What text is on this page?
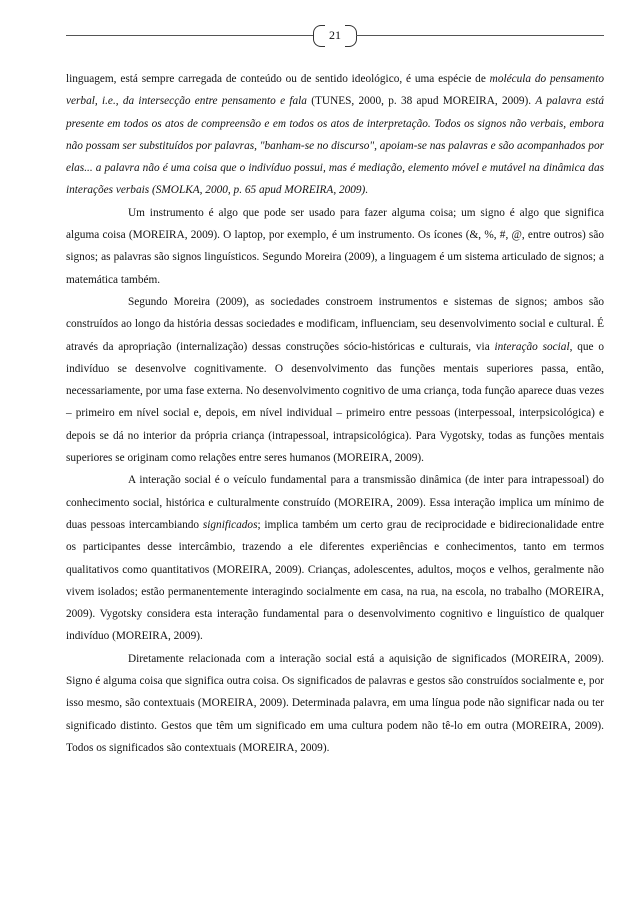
21

linguagem, está sempre carregada de conteúdo ou de sentido ideológico, é uma espécie de molécula do pensamento verbal, i.e., da intersecção entre pensamento e fala (TUNES, 2000, p. 38 apud MOREIRA, 2009). A palavra está presente em todos os atos de compreensão e em todos os atos de interpretação. Todos os signos não verbais, embora não possam ser substituídos por palavras, "banham-se no discurso", apoiam-se nas palavras e são acompanhados por elas... a palavra não é uma coisa que o indivíduo possui, mas é mediação, elemento móvel e mutável na dinâmica das interações verbais (SMOLKA, 2000, p. 65 apud MOREIRA, 2009).

Um instrumento é algo que pode ser usado para fazer alguma coisa; um signo é algo que significa alguma coisa (MOREIRA, 2009). O laptop, por exemplo, é um instrumento. Os ícones (&, %, #, @, entre outros) são signos; as palavras são signos linguísticos. Segundo Moreira (2009), a linguagem é um sistema articulado de signos; a matemática também.

Segundo Moreira (2009), as sociedades constroem instrumentos e sistemas de signos; ambos são construídos ao longo da história dessas sociedades e modificam, influenciam, seu desenvolvimento social e cultural. É através da apropriação (internalização) dessas construções sócio-históricas e culturais, via interação social, que o indivíduo se desenvolve cognitivamente. O desenvolvimento das funções mentais superiores passa, então, necessariamente, por uma fase externa. No desenvolvimento cognitivo de uma criança, toda função aparece duas vezes – primeiro em nível social e, depois, em nível individual – primeiro entre pessoas (interpessoal, interpsicológica) e depois se dá no interior da própria criança (intrapessoal, intrapsicológica). Para Vygotsky, todas as funções mentais superiores se originam como relações entre seres humanos (MOREIRA, 2009).

A interação social é o veículo fundamental para a transmissão dinâmica (de inter para intrapessoal) do conhecimento social, histórica e culturalmente construído (MOREIRA, 2009). Essa interação implica um mínimo de duas pessoas intercambiando significados; implica também um certo grau de reciprocidade e bidirecionalidade entre os participantes desse intercâmbio, trazendo a ele diferentes experiências e conhecimentos, tanto em termos qualitativos como quantitativos (MOREIRA, 2009). Crianças, adolescentes, adultos, moços e velhos, geralmente não vivem isolados; estão permanentemente interagindo socialmente em casa, na rua, na escola, no trabalho (MOREIRA, 2009). Vygotsky considera esta interação fundamental para o desenvolvimento cognitivo e linguístico de qualquer indivíduo (MOREIRA, 2009).

Diretamente relacionada com a interação social está a aquisição de significados (MOREIRA, 2009). Signo é alguma coisa que significa outra coisa. Os significados de palavras e gestos são construídos socialmente e, por isso mesmo, são contextuais (MOREIRA, 2009). Determinada palavra, em uma língua pode não significar nada ou ter significado distinto. Gestos que têm um significado em uma cultura podem não tê-lo em outra (MOREIRA, 2009). Todos os significados são contextuais (MOREIRA, 2009).
